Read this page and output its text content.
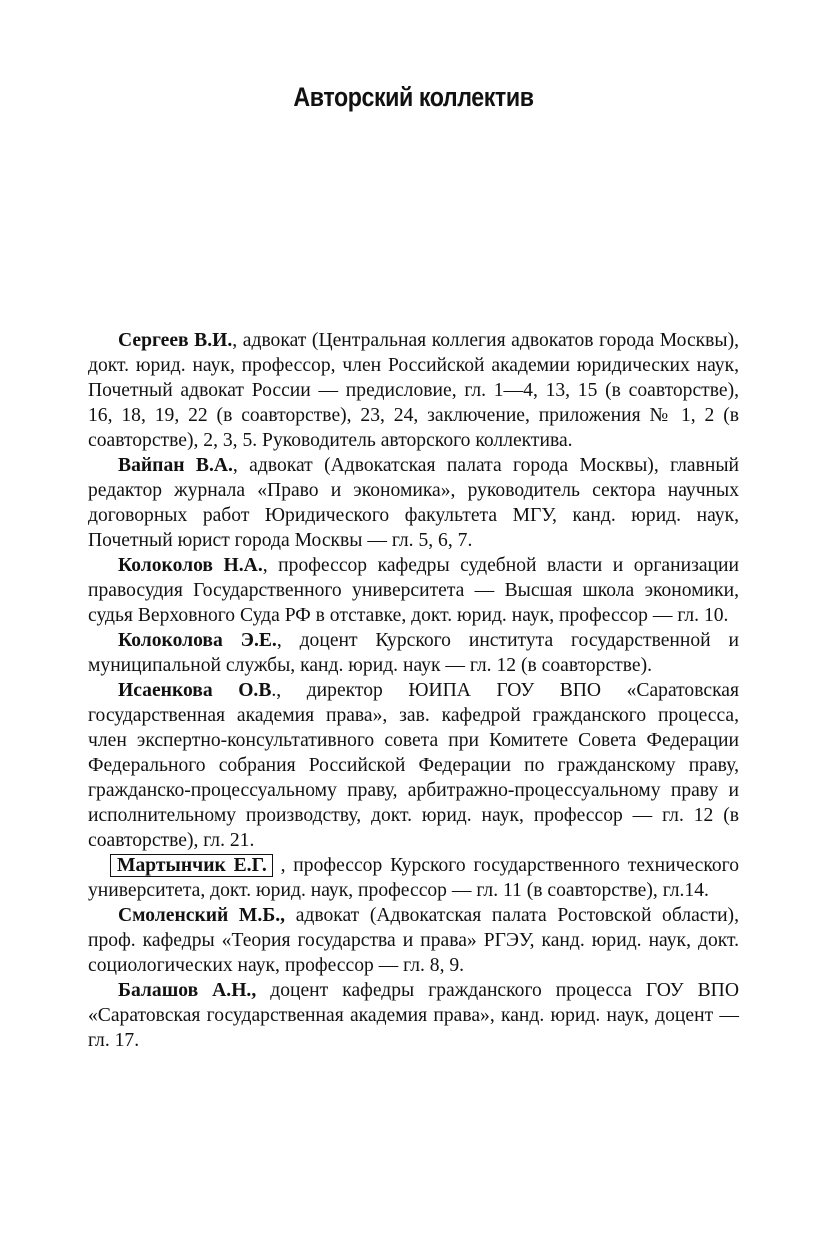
Авторский коллектив

Сергеев В.И., адвокат (Центральная коллегия адвокатов города Москвы), докт. юрид. наук, профессор, член Российской академии юридических наук, Почетный адвокат России — предисловие, гл. 1—4, 13, 15 (в соавторстве), 16, 18, 19, 22 (в соавторстве), 23, 24, заключение, приложения № 1, 2 (в соавторстве), 2, 3, 5. Руководитель авторского коллектива.

Вайпан В.А., адвокат (Адвокатская палата города Москвы), главный редактор журнала «Право и экономика», руководитель сектора научных договорных работ Юридического факультета МГУ, канд. юрид. наук, Почетный юрист города Москвы — гл. 5, 6, 7.

Колоколов Н.А., профессор кафедры судебной власти и организации правосудия Государственного университета — Высшая школа экономики, судья Верховного Суда РФ в отставке, докт. юрид. наук, профессор — гл. 10.

Колоколова Э.Е., доцент Курского института государственной и муниципальной службы, канд. юрид. наук — гл. 12 (в соавторстве).

Исаенкова О.В., директор ЮИПА ГОУ ВПО «Саратовская государственная академия права», зав. кафедрой гражданского процесса, член экспертно-консультативного совета при Комитете Совета Федерации Федерального собрания Российской Федерации по гражданскому праву, гражданско-процессуальному праву, арбитражно-процессуальному праву и исполнительному производству, докт. юрид. наук, профессор — гл. 12 (в соавторстве), гл. 21.

Мартынчик Е.Г. , профессор Курского государственного технического университета, докт. юрид. наук, профессор — гл. 11 (в соавторстве), гл.14.

Смоленский М.Б., адвокат (Адвокатская палата Ростовской области), проф. кафедры «Теория государства и права» РГЭУ, канд. юрид. наук, докт. социологических наук, профессор — гл. 8, 9.

Балашов А.Н., доцент кафедры гражданского процесса ГОУ ВПО «Саратовская государственная академия права», канд. юрид. наук, доцент — гл. 17.
